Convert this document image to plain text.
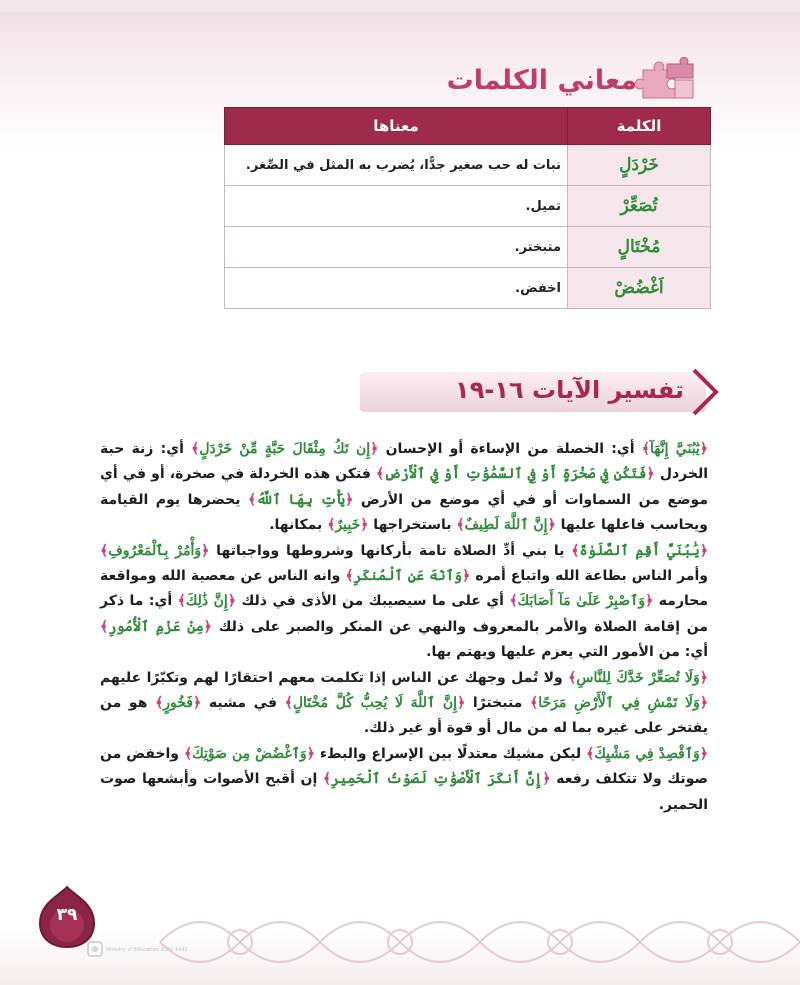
معاني الكلمات
الكلمة	معناها
خَرْدَلٍ	نبات له حب صغير جدًّا، يُضرب به المثل في الصِّغر.
تُصَعِّرْ	تميل.
مُخْتَالٍ	متبختر.
اَغْضُضْ	اخفض.
تفسير الآيات ١٦-١٩

﴿يَٰبُنَيَّ إِنَّهَآ﴾ أي: الخصلة من الإساءة أو الإحسان ﴿إِن تَكُ مِثْقَالَ حَبَّةٍ مِّنْ خَرْدَلٍ﴾ أي: زنة حبة الخردل ﴿فَتَكُن فِي صَخْرَةٍ أَوْ فِي ٱلسَّمَٰوَٰتِ أَوْ فِي ٱلْأَرْضِ﴾ فتكن هذه الخردلة في صخرة، أو في أي موضع من السماوات أو في أي موضع من الأرض ﴿يَأْتِ بِهَا ٱللَّهُ﴾ يحضرها يوم القيامة ويحاسب فاعلها عليها ﴿إِنَّ ٱللَّهَ لَطِيفٌ﴾ باستخراجها ﴿خَبِيرٌ﴾ بمكانها.

﴿يَٰبُنَيَّ أَقِمِ ٱلصَّلَوٰةَ﴾ يا بني أدِّ الصلاة تامة بأركانها وشروطها وواجباتها ﴿وَأْمُرْ بِٱلْمَعْرُوفِ﴾ وأمر الناس بطاعة الله واتباع أمره ﴿وَٱنْهَ عَنِ ٱلْمُنكَرِ﴾ وانه الناس عن معصية الله ومواقعة محارمه ﴿وَٱصْبِرْ عَلَىٰ مَآ أَصَابَكَ﴾ أي على ما سيصيبك من الأذى في ذلك ﴿إِنَّ ذَٰلِكَ﴾ أي: ما ذكر من إقامة الصلاة والأمر بالمعروف والنهي عن المنكر والصبر على ذلك ﴿مِنْ عَزْمِ ٱلْأُمُورِ﴾ أي: من الأمور التي يعزم عليها ويهتم بها.

﴿وَلَا تُصَعِّرْ خَدَّكَ لِلنَّاسِ﴾ ولا تُمل وجهك عن الناس إذا تكلمت معهم احتقارًا لهم وتكبّرًا عليهم ﴿وَلَا تَمْشِ فِي ٱلْأَرْضِ مَرَحًا﴾ متبخترًا ﴿إِنَّ ٱللَّهَ لَا يُحِبُّ كُلَّ مُخْتَالٍ﴾ في مشيه ﴿فَخُورٍ﴾ هو من يفتخر على غيره بما له من مال أو قوة أو غير ذلك.

﴿وَٱقْصِدْ فِي مَشْيِكَ﴾ ليكن مشيك معتدلًا بين الإسراع والبطء ﴿وَٱغْضُضْ مِن صَوْتِكَ﴾ واخفض من صوتك ولا تتكلف رفعه ﴿إِنَّ أَنكَرَ ٱلْأَصْوَٰتِ لَصَوْتُ ٱلْحَمِيرِ﴾ إن أقبح الأصوات وأبشعها صوت الحمير.

٣٩
Ministry of Education 2020-1442
